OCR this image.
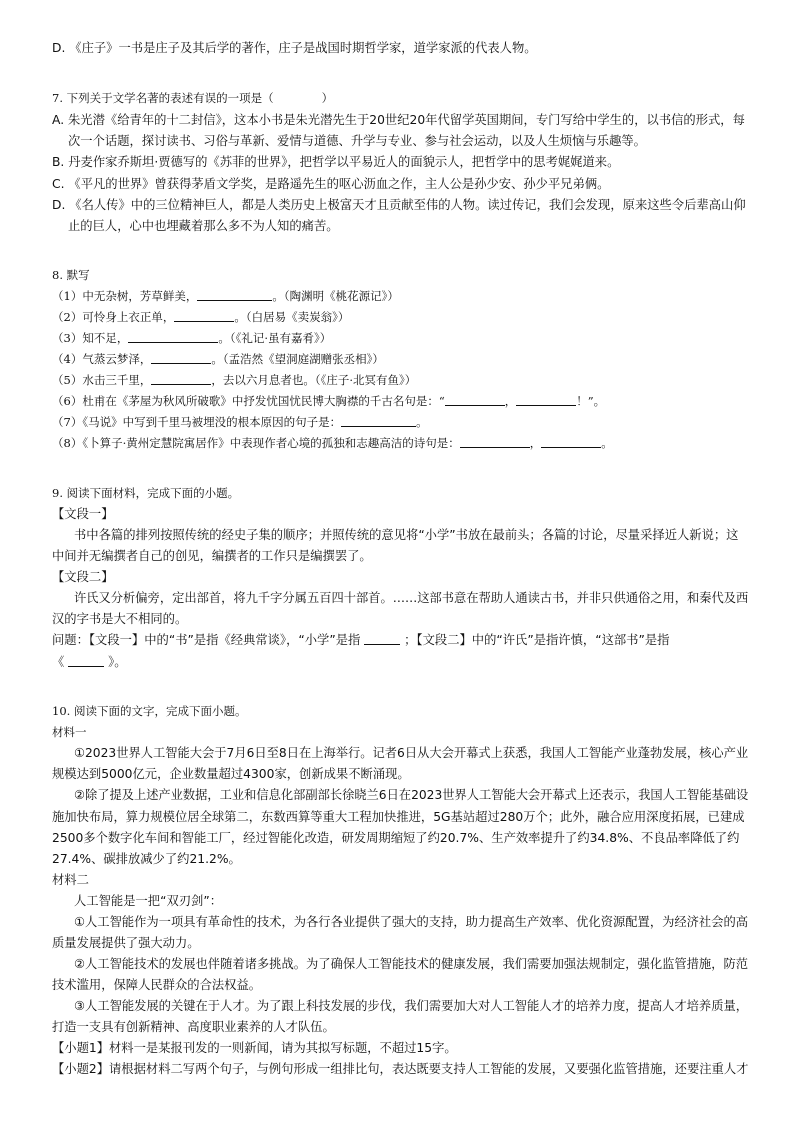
D. 《庄子》一书是庄子及其后学的著作，庄子是战国时期哲学家，道学家派的代表人物。
7. 下列关于文学名著的表述有误的一项是（	）
A. 朱光潜《给青年的十二封信》，这本小书是朱光潜先生于20世纪20年代留学英国期间，专门写给中学生的，以书信的形式，每
次一个话题，探讨读书、习俗与革新、爱情与道德、升学与专业、参与社会运动，以及人生烦恼与乐趣等。
B. 丹麦作家乔斯坦·贾德写的《苏菲的世界》，把哲学以平易近人的面貌示人，把哲学中的思考娓娓道来。
C. 《平凡的世界》曾获得茅盾文学奖，是路遥先生的呕心沥血之作，主人公是孙少安、孙少平兄弟俩。
D. 《名人传》中的三位精神巨人，都是人类历史上极富天才且贡献至伟的人物。读过传记，我们会发现，原来这些令后辈高山仰
止的巨人，心中也埋藏着那么多不为人知的痛苦。
8. 默写
（1）中无杂树，芳草鲜美，	。（陶渊明《桃花源记》）
（2）可怜身上衣正单，	。（白居易《卖炭翁》）
（3）知不足，	。（《礼记·虽有嘉肴》）
（4）气蒸云梦泽，	。（孟浩然《望洞庭湖赠张丞相》）
（5）水击三千里，	，去以六月息者也。（《庄子·北冥有鱼》）
（6）杜甫在《茅屋为秋风所破歌》中抒发忧国忧民博大胸襟的千古名句是：“	，	！”。
（7）《马说》中写到千里马被埋没的根本原因的句子是：	。
（8）《卜算子·黄州定慧院寓居作》中表现作者心境的孤独和志趣高洁的诗句是：	，	。
9. 阅读下面材料，完成下面的小题。
【文段一】
书中各篇的排列按照传统的经史子集的顺序；并照传统的意见将“小学”书放在最前头；各篇的讨论，尽量采择近人新说；这
中间并无编撰者自己的创见，编撰者的工作只是编撰罢了。
【文段二】
许氏又分析偏旁，定出部首，将九千字分属五百四十部首。……这部书意在帮助人通读古书，并非只供通俗之用，和秦代及西
汉的字书是大不相同的。
问题：【文段一】中的“书”是指《经典常谈》，“小学”是指	；【文段二】中的“许氏”是指许慎，“这部书”是指
《	》。
10. 阅读下面的文字，完成下面小题。
材料一
①2023世界人工智能大会于7月6日至8日在上海举行。记者6日从大会开幕式上获悉，我国人工智能产业蓬勃发展，核心产业
规模达到5000亿元，企业数量超过4300家，创新成果不断涌现。
②除了提及上述产业数据，工业和信息化部副部长徐晓兰6日在2023世界人工智能大会开幕式上还表示，我国人工智能基础设
施加快布局，算力规模位居全球第二，东数西算等重大工程加快推进，5G基站超过280万个；此外，融合应用深度拓展，已建成
2500多个数字化车间和智能工厂，经过智能化改造，研发周期缩短了约20.7%、生产效率提升了约34.8%、不良品率降低了约
27.4%、碳排放减少了约21.2%。
材料二
人工智能是一把“双刃剑”：
①人工智能作为一项具有革命性的技术，为各行各业提供了强大的支持，助力提高生产效率、优化资源配置，为经济社会的高
质量发展提供了强大动力。
②人工智能技术的发展也伴随着诸多挑战。为了确保人工智能技术的健康发展，我们需要加强法规制定，强化监管措施，防范
技术滥用，保障人民群众的合法权益。
③人工智能发展的关键在于人才。为了跟上科技发展的步伐，我们需要加大对人工智能人才的培养力度，提高人才培养质量，
打造一支具有创新精神、高度职业素养的人才队伍。
【小题1】材料一是某报刊发的一则新闻，请为其拟写标题，不超过15字。
【小题2】请根据材料二写两个句子，与例句形成一组排比句，表达既要支持人工智能的发展，又要强化监管措施，还要注重人才
